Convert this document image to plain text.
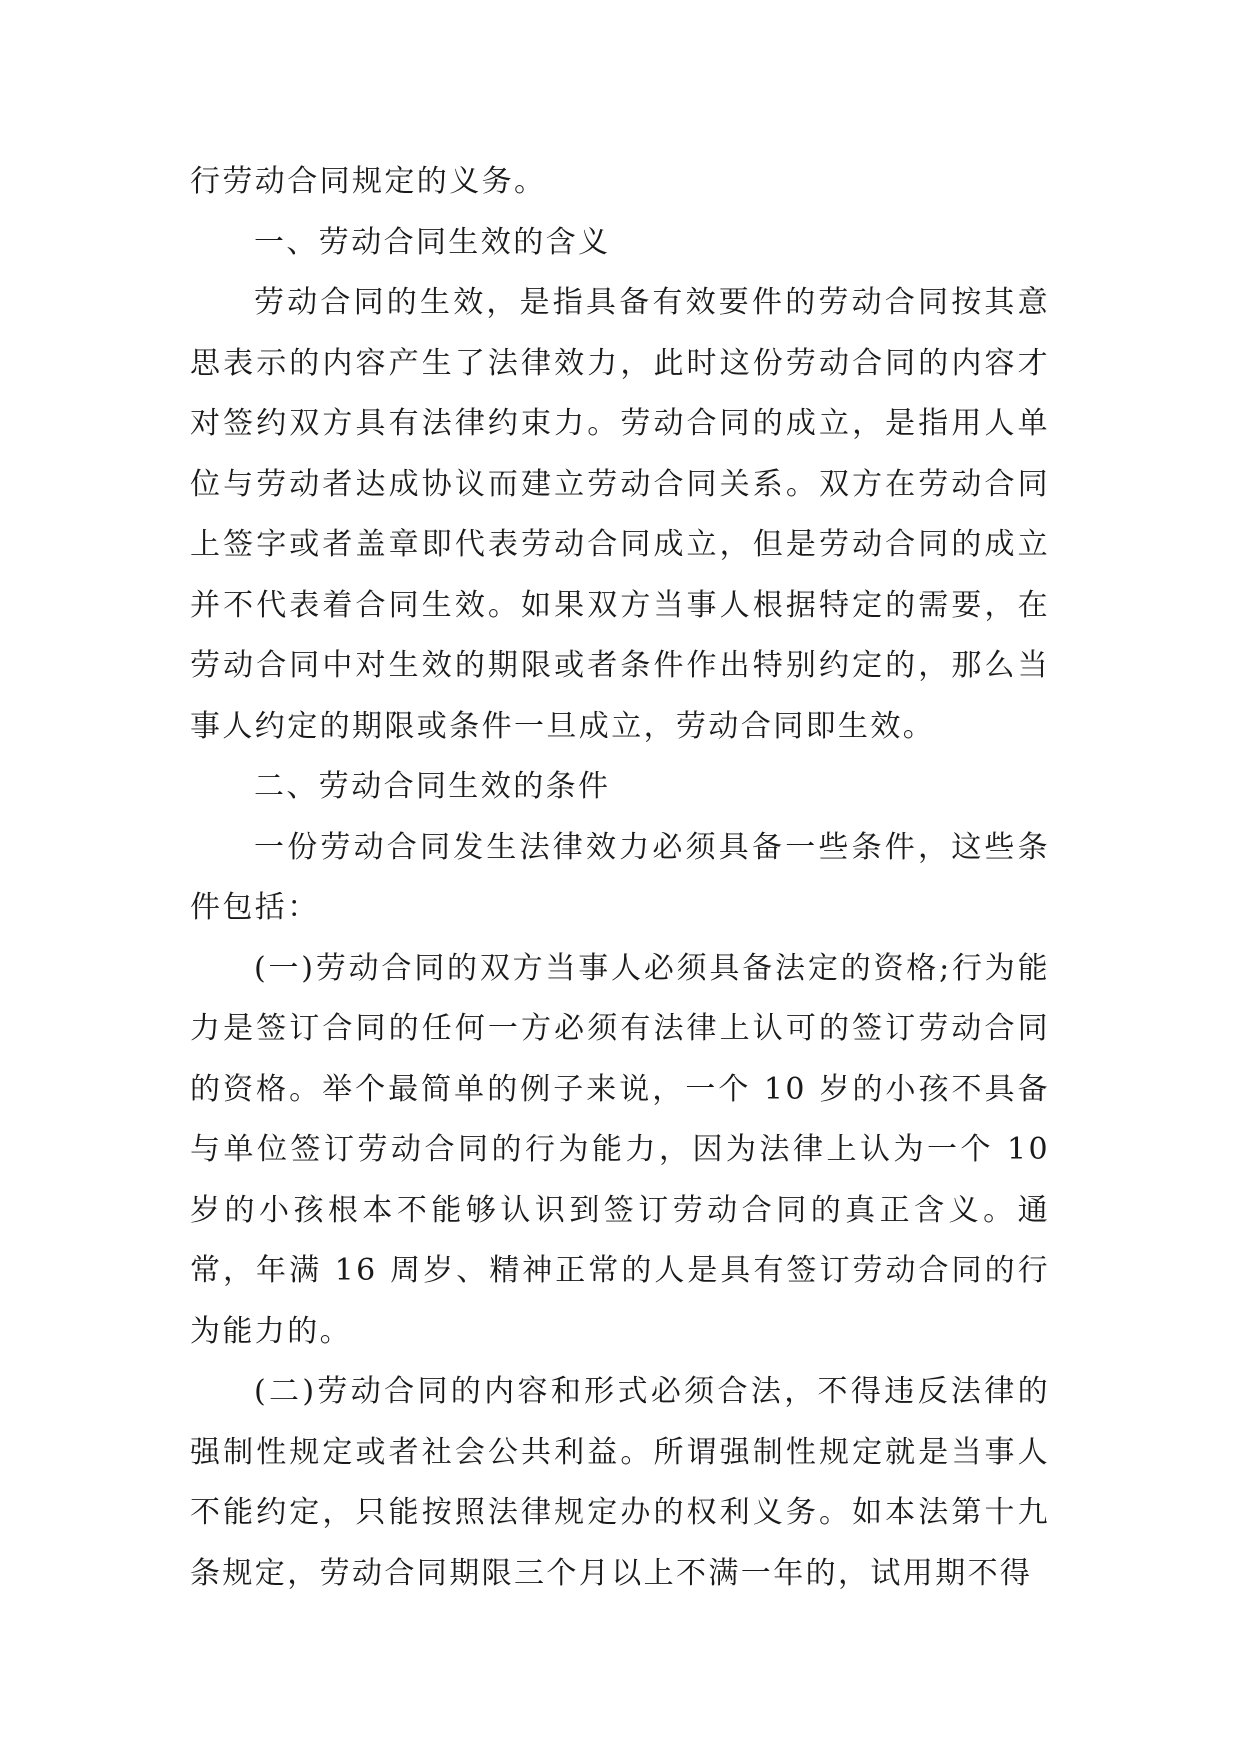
行劳动合同规定的义务。

一、劳动合同生效的含义

劳动合同的生效，是指具备有效要件的劳动合同按其意思表示的内容产生了法律效力，此时这份劳动合同的内容才对签约双方具有法律约束力。劳动合同的成立，是指用人单位与劳动者达成协议而建立劳动合同关系。双方在劳动合同上签字或者盖章即代表劳动合同成立，但是劳动合同的成立并不代表着合同生效。如果双方当事人根据特定的需要，在劳动合同中对生效的期限或者条件作出特别约定的，那么当事人约定的期限或条件一旦成立，劳动合同即生效。

二、劳动合同生效的条件

一份劳动合同发生法律效力必须具备一些条件，这些条件包括：

(一)劳动合同的双方当事人必须具备法定的资格;行为能力是签订合同的任何一方必须有法律上认可的签订劳动合同的资格。举个最简单的例子来说，一个 10 岁的小孩不具备与单位签订劳动合同的行为能力，因为法律上认为一个 10 岁的小孩根本不能够认识到签订劳动合同的真正含义。通常，年满 16 周岁、精神正常的人是具有签订劳动合同的行为能力的。

(二)劳动合同的内容和形式必须合法，不得违反法律的强制性规定或者社会公共利益。所谓强制性规定就是当事人不能约定，只能按照法律规定办的权利义务。如本法第十九条规定，劳动合同期限三个月以上不满一年的，试用期不得
